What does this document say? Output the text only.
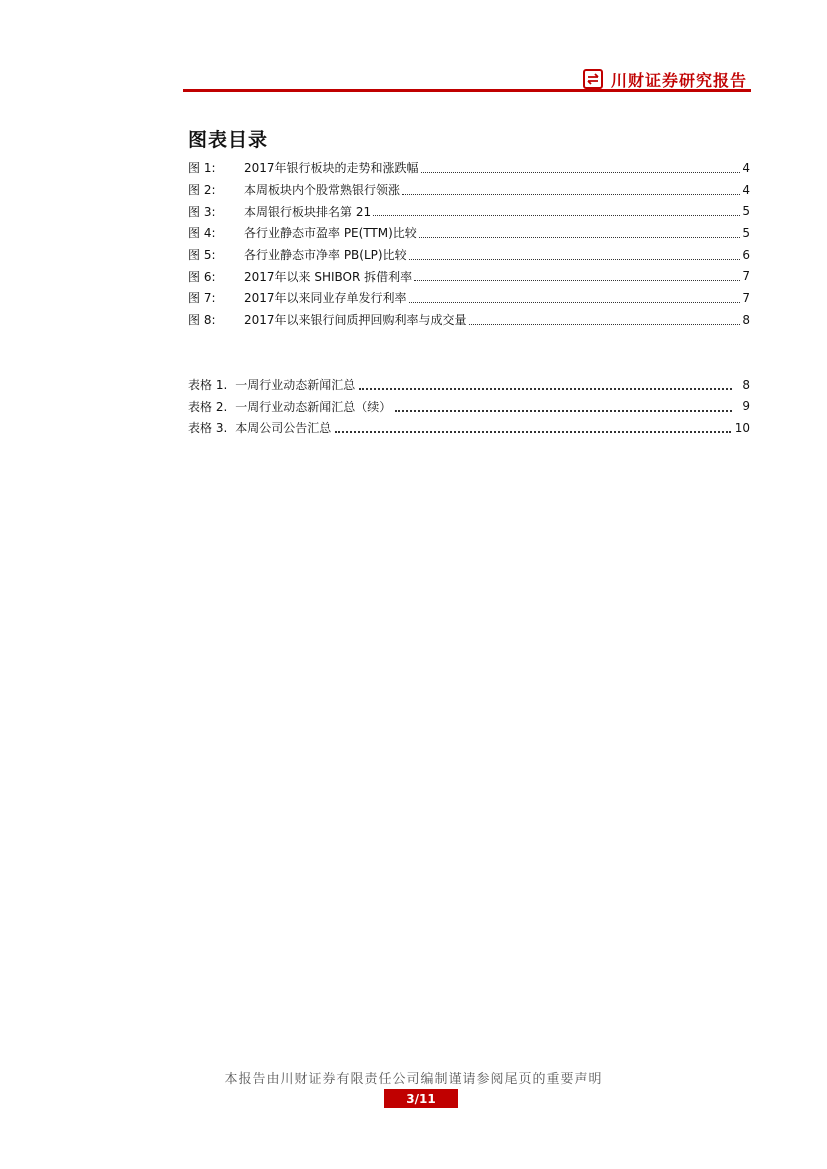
川财证券研究报告
图表目录
图 1:	2017年银行板块的走势和涨跌幅	4
图 2:	本周板块内个股常熟银行领涨	4
图 3:	本周银行板块排名第 21	5
图 4:	各行业静态市盈率 PE(TTM)比较	5
图 5:	各行业静态市净率 PB(LP)比较	6
图 6:	2017年以来 SHIBOR 拆借利率	7
图 7:	2017年以来同业存单发行利率	7
图 8:	2017年以来银行间质押回购利率与成交量	8
表格 1. 一周行业动态新闻汇总	8
表格 2. 一周行业动态新闻汇总（续）	9
表格 3. 本周公司公告汇总	10
本报告由川财证券有限责任公司编制谨请参阅尾页的重要声明
3/11
